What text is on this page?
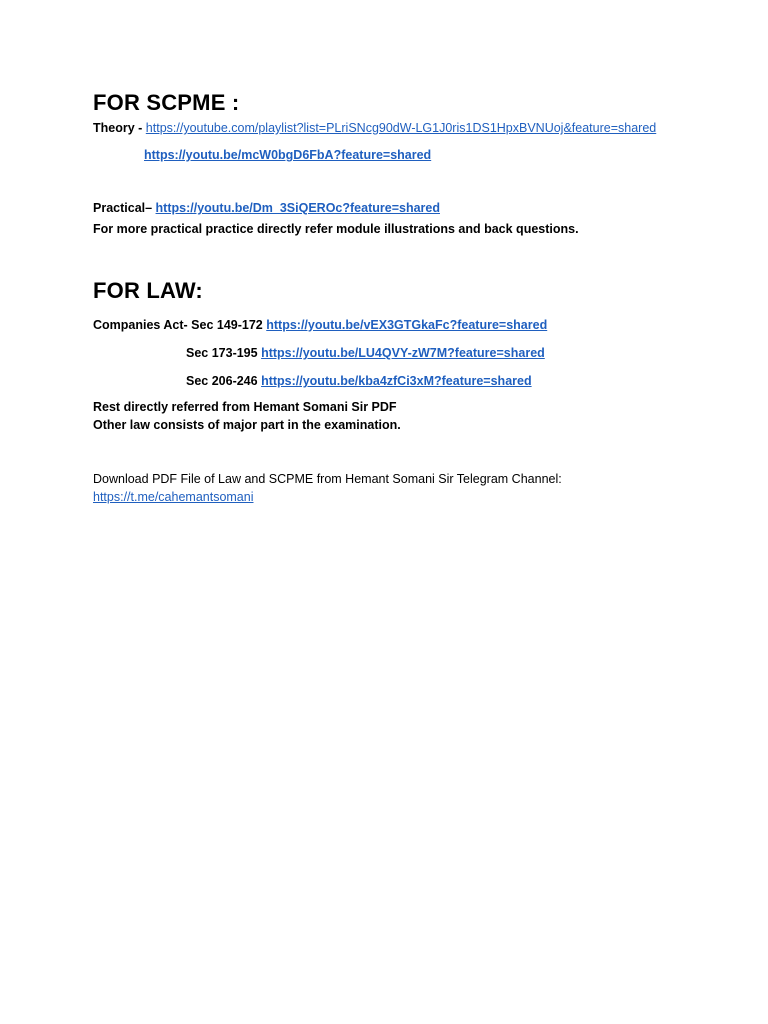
FOR SCPME :
Theory - https://youtube.com/playlist?list=PLriSNcg90dW-LG1J0ris1DS1HpxBVNUoj&feature=shared
https://youtu.be/mcW0bgD6FbA?feature=shared
Practical– https://youtu.be/Dm_3SiQEROc?feature=shared
For more practical practice directly refer module illustrations and back questions.
FOR LAW:
Companies Act- Sec 149-172 https://youtu.be/vEX3GTGkaFc?feature=shared
Sec 173-195 https://youtu.be/LU4QVY-zW7M?feature=shared
Sec 206-246 https://youtu.be/kba4zfCi3xM?feature=shared
Rest directly referred from Hemant Somani Sir PDF
Other law consists of major part in the examination.
Download PDF File of Law and SCPME from Hemant Somani Sir Telegram Channel:
https://t.me/cahemantsomani
